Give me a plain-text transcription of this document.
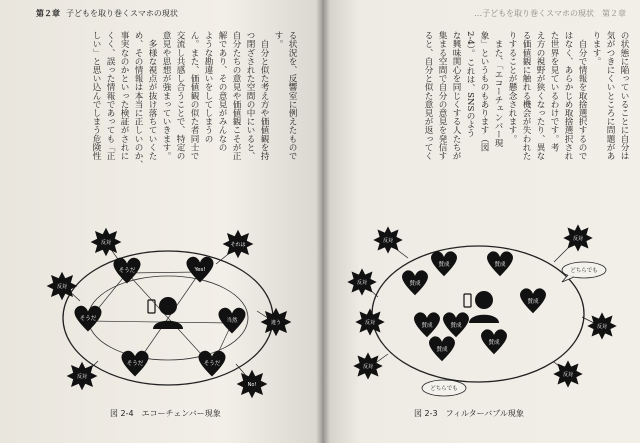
第２章 子どもを取り巻くスマホの現状
る状況を、反響室に例えたもので
す。
　自分と似た考え方や価値観を持
つ閉ざされた空間の中にいると、
自分たちの意見や価値観こそが正
解であり、その意見がみんなの
ような勘違いをしてしまうの
ん。また、価値観の似た者同士で
交流し共感し合うことで、特定の
意見や思想が強まっていきます。
　多様な視点が抜け落ちていくた
め、その情報は本当に正しいのか、
事実なのかといった検証がされに
くく、誤った情報であっても「正
しい」と思い込んでしまう危険性
そうだ	Yes!
当然
そうだ
そうだ	そうだ
反対	それは
反対
違う
反対
No!
図 2-4　 エコーチェンバー現象
…子どもを取り巻くスマホの現状　第２章
の状態に陥っていることに自分は
気がつきにくいところに問題があ
ります。
　自分で情報を取捨選択するので
はなく、あらかじめ取捨選択され
た世界を見ているわけです。考
え方の視野が狭くなったり、異な
る価値観に触れる機会が失われた
りすることが懸念されます。
　また、「エコーチェンバー現
象」というものもあります（図
2-4）。これは、SNSのよう
な興味関心を同じくする人たちが
集まる空間で自分の意見を発信す
ると、自分と似た意見が返ってく
賛成	賛成
賛成
賛成
賛成	賛成
賛成
賛成
反対	反対
反対
反対
反対
反対
反対
どちらでも
どちらでも
図 2-3　 フィルターバブル現象
